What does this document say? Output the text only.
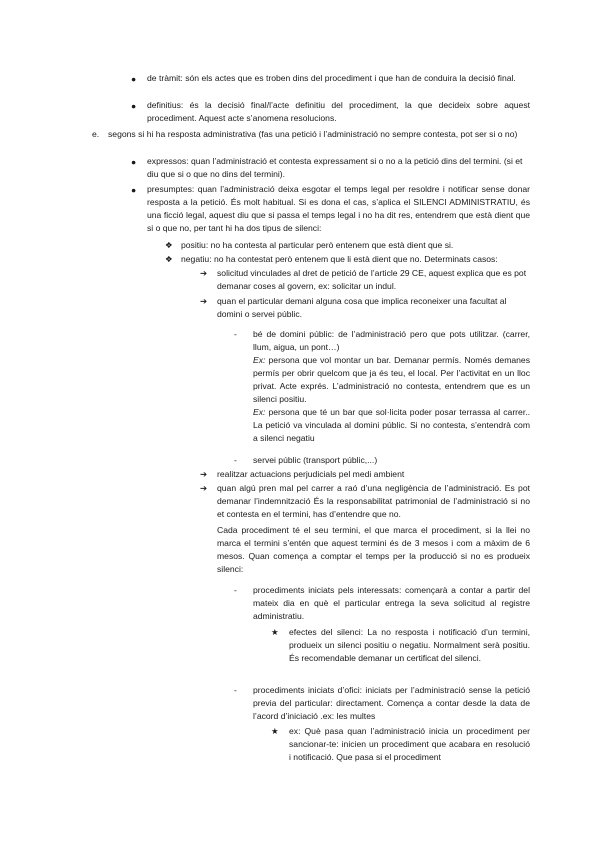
● de tràmit: són els actes que es troben dins del procediment i que han de conduira la decisió final.

● definitius: és la decisió final/l’acte definitiu del procediment, la que decideix sobre aquest procediment. Aquest acte s’anomena resolucions.

e. segons si hi ha resposta administrativa (fas una petició i l’administració no sempre contesta, pot ser si o no)

● expressos: quan l’administració et contesta expressament si o no a la petició dins del termini. (si et diu que si o que no dins del termini).

● presumptes: quan l’administració deixa esgotar el temps legal per resoldre i notificar sense donar resposta a la petició. És molt habitual. Si es dona el cas, s’aplica el SILENCI ADMINISTRATIU, és una ficció legal, aquest diu que si passa el temps legal i no ha dit res, entendrem que està dient que si o que no, per tant hi ha dos tipus de silenci:

❖ positiu: no ha contesta al particular però entenem que està dient que si.

❖ negatiu: no ha contestat però entenem que li està dient que no. Determinats casos:

➔ solicitud vinculades al dret de petició de l’article 29 CE, aquest explica que es pot demanar coses al govern, ex: solicitar un indul.

➔ quan el particular demani alguna cosa que implica reconeixer una facultat al domini o servei públic.

- bé de domini públic: de l’administració pero que pots utilitzar. (carrer, llum, aigua, un pont…)
Ex: persona que vol montar un bar. Demanar permís. Només demanes permís per obrir quelcom que ja és teu, el local. Per l’activitat en un lloc privat. Acte exprés. L’administració no contesta, entendrem que es un silenci positiu.
Ex: persona que té un bar que sol·licita poder posar terrassa al carrer.. La petició va vinculada al domini públic. Si no contesta, s’entendrà com a silenci negatiu
- servei públic (transport públic,...)

➔ realitzar actuacions perjudicials pel medi ambient

➔ quan algú pren mal pel carrer a raó d’una negligència de l’administració. Es pot demanar l’indemnització És la responsabilitat patrimonial de l’administració si no et contesta en el termini, has d’entendre que no.

Cada procediment té el seu termini, el que marca el procediment, si la llei no marca el termini s’entén que aquest termini és de 3 mesos i com a màxim de 6 mesos. Quan comença a comptar el temps per la producció si no es produeix silenci:

- procediments iniciats pels interessats: començarà a contar a partir del mateix dia en què el particular entrega la seva solicitud al registre administratiu.

★ efectes del silenci: La no resposta i notificació d’un termini, produeix un silenci positiu o negatiu. Normalment serà positiu. És recomendable demanar un certificat del silenci.

- procediments iniciats d’ofici: iniciats per l’administració sense la petició previa del particular: directament. Comença a contar desde la data de l’acord d’iniciació .ex: les multes

★ ex: Què pasa quan l’administració inicia un procediment per sancionar-te: inicien un procediment que acabara en resolució i notificació. Que pasa si el procediment
